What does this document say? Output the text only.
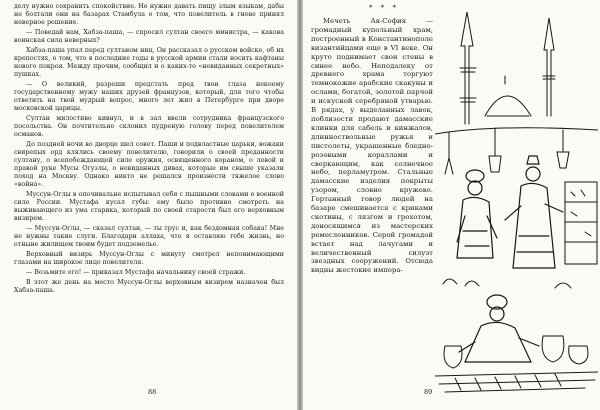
делу нужно сохранить спокойствие. Не нужно давать пищу злым языкам, дабы не болтали они на базарах Стамбула о том, что повелитель в гневе принял неверное решение.

— Поведай нам, Хабза-паша, — спросил султан своего министра, — какова воинская сила неверных?

Хабза-паша упал перед султаном ниц. Он рассказал о русском войске, об их крепостях, о том, что в последние годы в русской армии стали носить кафтаны нового покроя. Между прочим, сообщил и о каких-то «невиданных секретных» пушках.

— О великий, разреши предстать пред твои глаза некоему государственному мужу наших друзей французов, который, для того чтобы ответить на твой мудрый вопрос, много лет жил в Петербурге при дворе московской царицы.

Султан милостиво кивнул, и в зал ввели сотрудника французского посольства. Он почтительно склонил пудреную голову перед повелителем османов.

До поздней ночи во дворце шел совет. Паши и подвластные царьки, вожаки свирепых орд клялись своему повелителю, говорили о своей преданности султану, о всепобеждающей силе оружия, освященного кораном, о левой и правой руке Мусы Огузлы, о невиданных дивах, которые им свыше указали поход на Москву. Однако никто не решался произнести тяжелое слово «война».

Муссун-Оглы в опочивальне испытывал себя с пышными словами о военной силе России. Мустафа кусал губы: ему было противно смотреть на выживающего из ума старика, который по своей старости был его верховным визирем.

— Муссун-Оглы, — сказал султан, — ты трус и, как бездомная собака! Мне не нужны такие слуги. Благодари аллаха, что я оставляю тебе жизнь, но отныне жилищем твоим будет подземелье.

Верховный визирь Муссун-Оглы с минуту смотрел непонимающими глазами на широкое лицо повелителя.

— Возьмите его! — приказал Мустафа начальнику своей стражи.

В этот же день на место Муссун-Оглы верховным визирем назначен был Хабза-паша.

88
* * *

Мечеть Ая-София — громадный купольный храм, построенный в Константинополе византийцами еще в VI веке. Он круто поднимает свои стены в синее небо. Неподалеку от древнего храма торгуют темнокожие арабские скакуны и ослами, богатой, золотой парчой и искусной серебряной утварью. В рядах, у выделанных лавок, поблизости продают дамасские клинки для сабель и кинжалов, длинноствольные ружья и пистолеты, украшенные бледно-розовыми кораллами и сверкающим, как солнечное небо, перламутром. Стальные дамасские изделия покрыты узором, словно кружево. Гортанный говор людей на базаре смешивается с криками скотины, с лязгом и грохотом, доносящимся из мастерских ремесленников. Серой громадой встает над лачугами и величественный силуэт звездных сооружений. Отсюда видны жестокие импера-

89
